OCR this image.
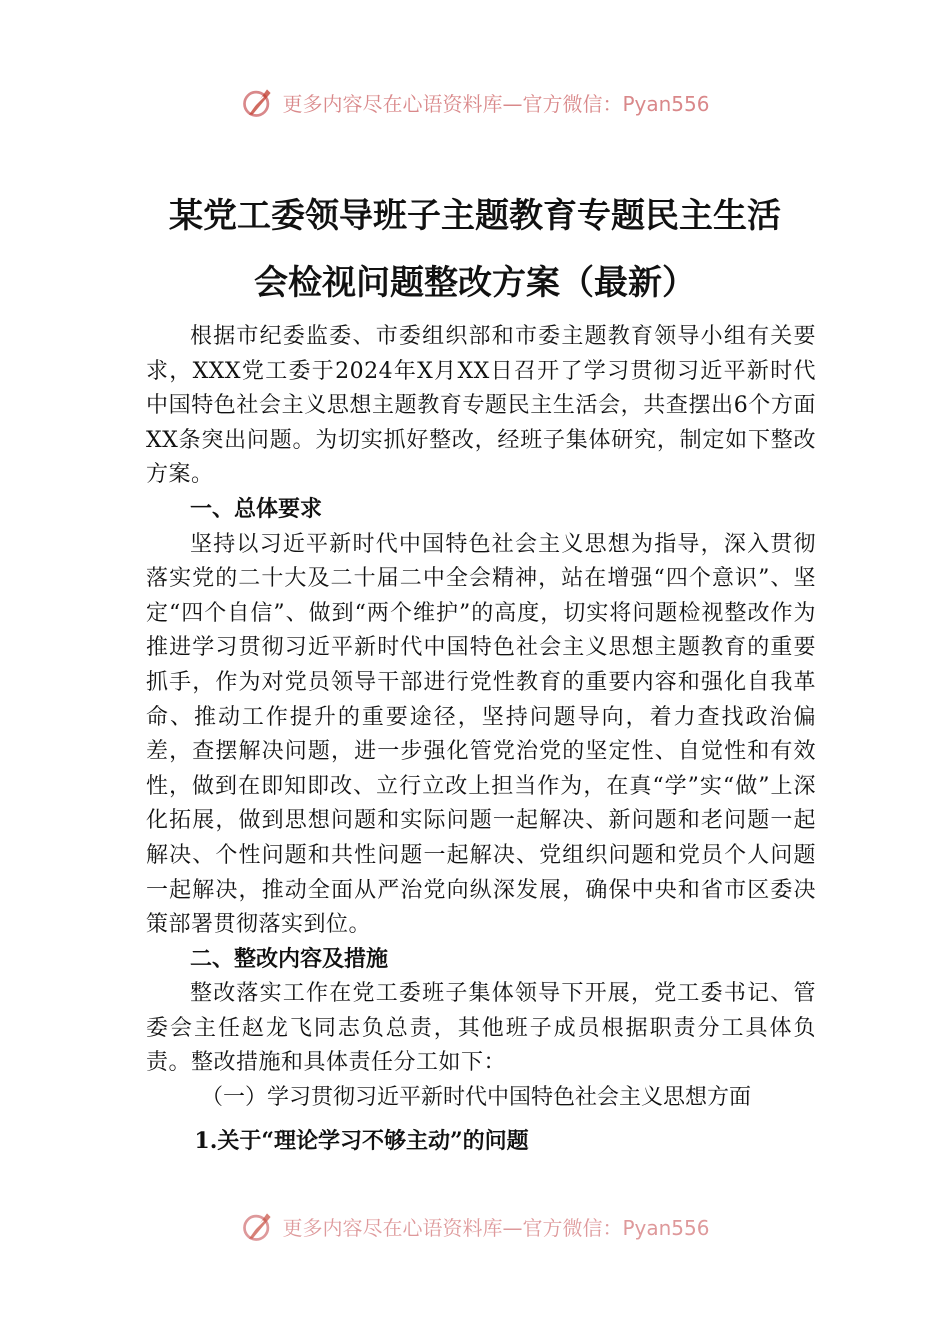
更多内容尽在心语资料库—官方微信：Pyan556
某党工委领导班子主题教育专题民主生活
会检视问题整改方案（最新）

根据市纪委监委、市委组织部和市委主题教育领导小组有关要求，XXX党工委于2024年X月XX日召开了学习贯彻习近平新时代中国特色社会主义思想主题教育专题民主生活会，共查摆出6个方面XX条突出问题。为切实抓好整改，经班子集体研究，制定如下整改方案。

一、总体要求

坚持以习近平新时代中国特色社会主义思想为指导，深入贯彻落实党的二十大及二十届二中全会精神，站在增强“四个意识”、坚定“四个自信”、做到“两个维护”的高度，切实将问题检视整改作为推进学习贯彻习近平新时代中国特色社会主义思想主题教育的重要抓手，作为对党员领导干部进行党性教育的重要内容和强化自我革命、推动工作提升的重要途径，坚持问题导向，着力查找政治偏差，查摆解决问题，进一步强化管党治党的坚定性、自觉性和有效性，做到在即知即改、立行立改上担当作为，在真“学”实“做”上深化拓展，做到思想问题和实际问题一起解决、新问题和老问题一起解决、个性问题和共性问题一起解决、党组织问题和党员个人问题一起解决，推动全面从严治党向纵深发展，确保中央和省市区委决策部署贯彻落实到位。

二、整改内容及措施

整改落实工作在党工委班子集体领导下开展，党工委书记、管委会主任赵龙飞同志负总责，其他班子成员根据职责分工具体负责。整改措施和具体责任分工如下：

（一）学习贯彻习近平新时代中国特色社会主义思想方面

1.关于“理论学习不够主动”的问题

更多内容尽在心语资料库—官方微信：Pyan556
